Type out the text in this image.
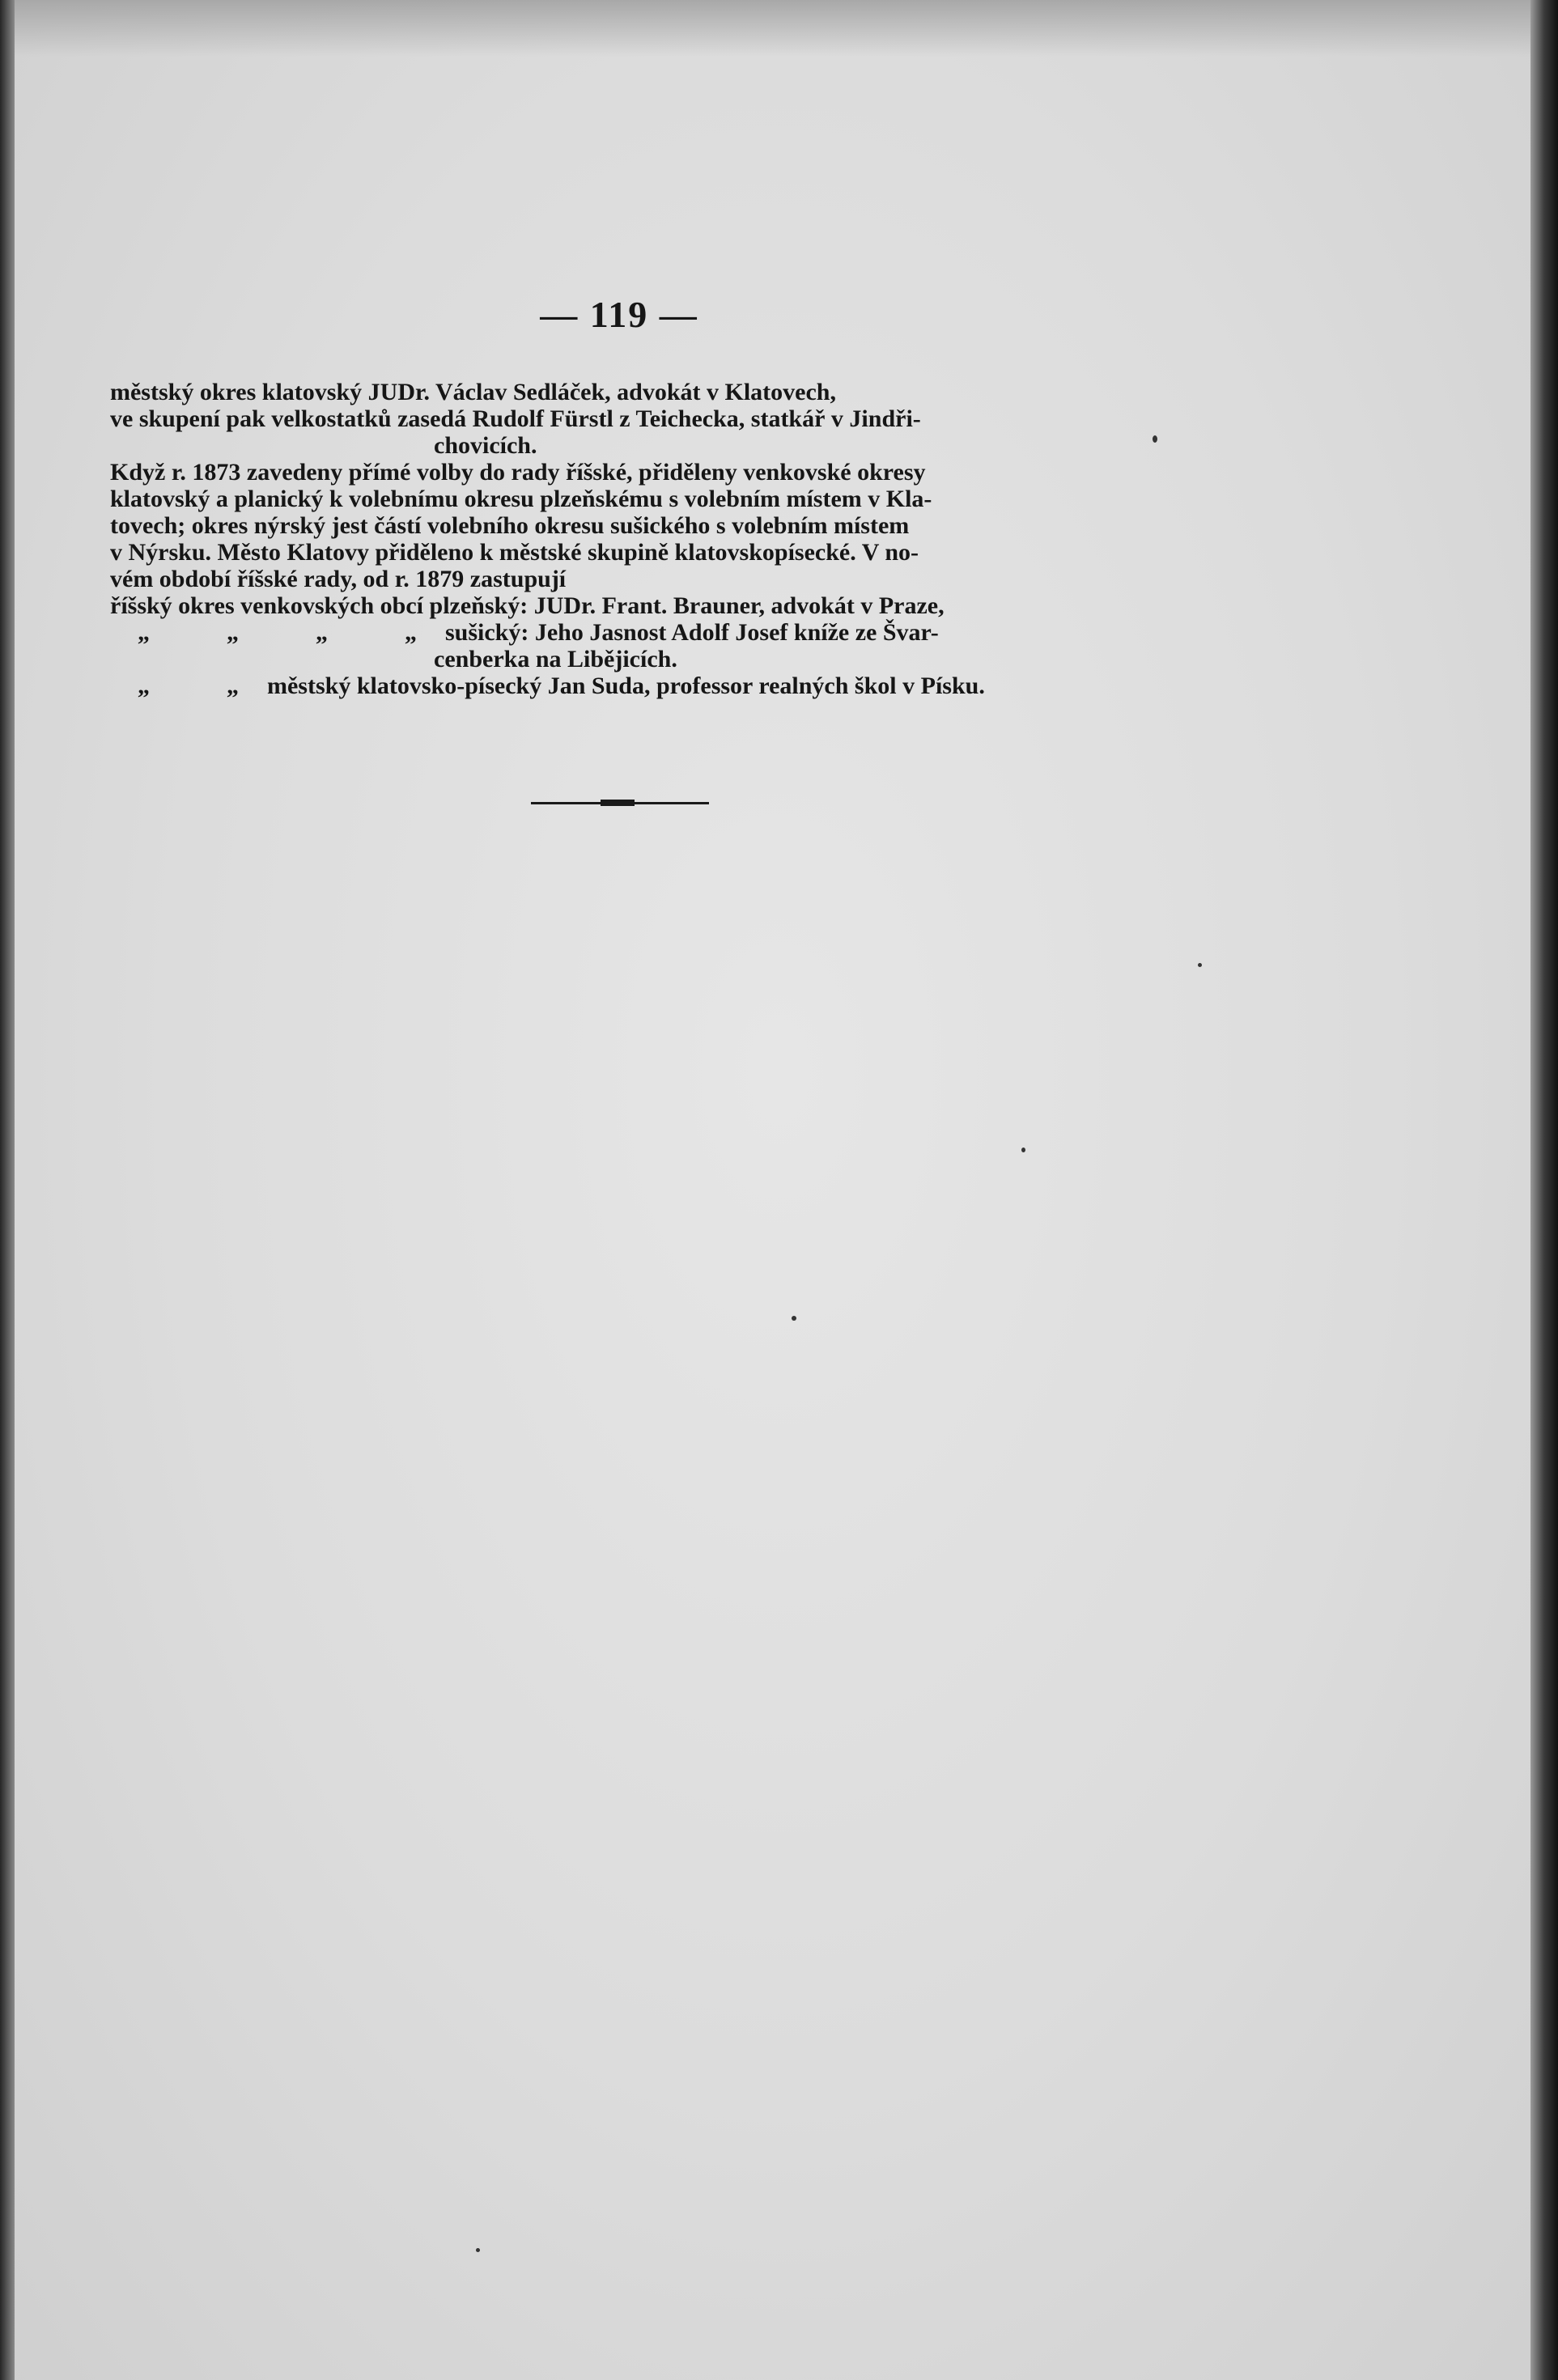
— 119 —
městský okres klatovský JUDr. Václav Sedláček, advokát v Klatovech,
ve skupení pak velkostatků zasedá Rudolf Fürstl z Teichecka, statkář v Jindři-
chovicích.
Když r. 1873 zavedeny přímé volby do rady říšské, přiděleny venkovské okresy
klatovský a planický k volebnímu okresu plzeňskému s volebním místem v Kla-
tovech; okres nýrský jest částí volebního okresu sušického s volebním místem
v Nýrsku. Město Klatovy přiděleno k městské skupině klatovskopísecké. V no-
vém období říšské rady, od r. 1879 zastupují
říšský okres venkovských obcí plzeňský: JUDr. Frant. Brauner, advokát v Praze,
„	„	„	„	sušický: Jeho Jasnost Adolf Josef kníže ze Švar-
cenberka na Libějicích.
„	„	městský klatovsko-písecký Jan Suda, professor realných škol v Písku.
